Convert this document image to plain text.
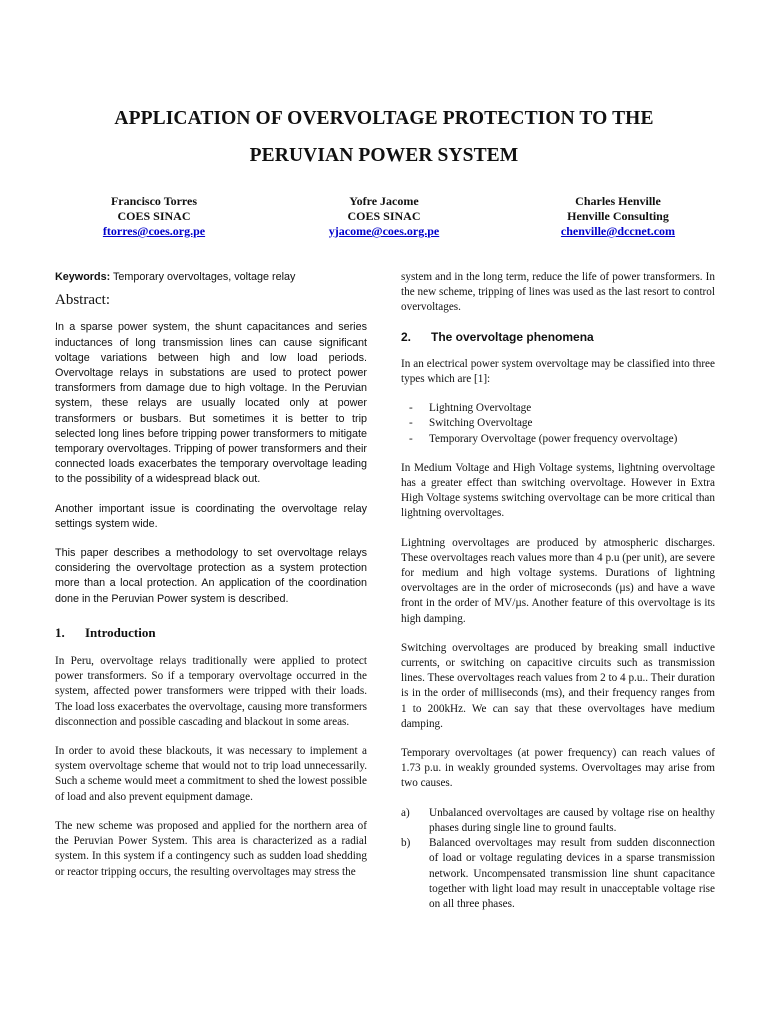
APPLICATION OF OVERVOLTAGE PROTECTION TO THE
PERUVIAN POWER SYSTEM
Francisco Torres
COES SINAC
ftorres@coes.org.pe
Yofre Jacome
COES SINAC
yjacome@coes.org.pe
Charles Henville
Henville Consulting
chenville@dccnet.com

Keywords: Temporary overvoltages, voltage relay

Abstract:

In a sparse power system, the shunt capacitances and series inductances of long transmission lines can cause significant voltage variations between high and low load periods. Overvoltage relays in substations are used to protect power transformers from damage due to high voltage. In the Peruvian system, these relays are usually located only at power transformers or busbars. But sometimes it is better to trip selected long lines before tripping power transformers to mitigate temporary overvoltages. Tripping of power transformers and their connected loads exacerbates the temporary overvoltage leading to the possibility of a widespread black out.

Another important issue is coordinating the overvoltage relay settings system wide.

This paper describes a methodology to set overvoltage relays considering the overvoltage protection as a system protection more than a local protection. An application of the coordination done in the Peruvian Power system is described.

1. Introduction

In Peru, overvoltage relays traditionally were applied to protect power transformers. So if a temporary overvoltage occurred in the system, affected power transformers were tripped with their loads. The load loss exacerbates the overvoltage, causing more transformers disconnection and possible cascading and blackout in some areas.

In order to avoid these blackouts, it was necessary to implement a system overvoltage scheme that would not to trip load unnecessarily. Such a scheme would meet a commitment to shed the lowest possible of load and also prevent equipment damage.

The new scheme was proposed and applied for the northern area of the Peruvian Power System. This area is characterized as a radial system. In this system if a contingency such as sudden load shedding or reactor tripping occurs, the resulting overvoltages may stress the

system and in the long term, reduce the life of power transformers. In the new scheme, tripping of lines was used as the last resort to control overvoltages.

2. The overvoltage phenomena

In an electrical power system overvoltage may be classified into three types which are [1]:

- Lightning Overvoltage
- Switching Overvoltage
- Temporary Overvoltage (power frequency overvoltage)

In Medium Voltage and High Voltage systems, lightning overvoltage has a greater effect than switching overvoltage. However in Extra High Voltage systems switching overvoltage can be more critical than lightning overvoltages.

Lightning overvoltages are produced by atmospheric discharges. These overvoltages reach values more than 4 p.u (per unit), are severe for medium and high voltage systems. Durations of lightning overvoltages are in the order of microseconds (µs) and have a wave front in the order of MV/µs. Another feature of this overvoltage is its high damping.

Switching overvoltages are produced by breaking small inductive currents, or switching on capacitive circuits such as transmission lines. These overvoltages reach values from 2 to 4 p.u.. Their duration is in the order of milliseconds (ms), and their frequency ranges from 1 to 200kHz. We can say that these overvoltages have medium damping.

Temporary overvoltages (at power frequency) can reach values of 1.73 p.u. in weakly grounded systems. Overvoltages may arise from two causes.

a) Unbalanced overvoltages are caused by voltage rise on healthy phases during single line to ground faults.
b) Balanced overvoltages may result from sudden disconnection of load or voltage regulating devices in a sparse transmission network. Uncompensated transmission line shunt capacitance together with light load may result in unacceptable voltage rise on all three phases.
